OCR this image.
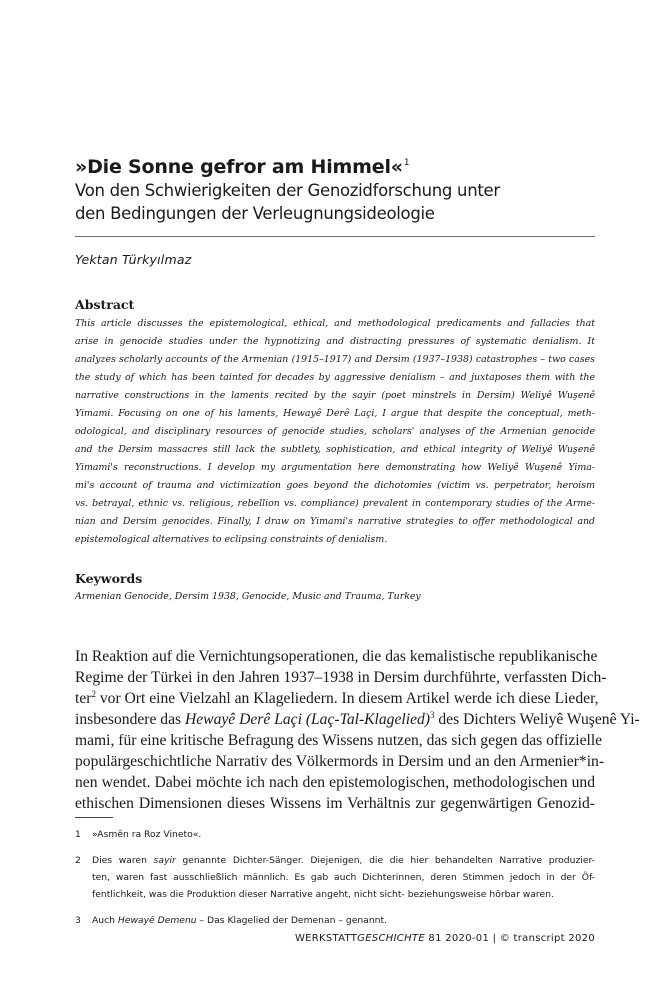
»Die Sonne gefror am Himmel«$^1$
Von den Schwierigkeiten der Genozidforschung unter
den Bedingungen der Verleugnungsideologie
Yektan Türkyılmaz
Abstract
This article discusses the epistemological, ethical, and methodological predicaments and fallacies that
arise in genocide studies under the hypnotizing and distracting pressures of systematic denialism. It
analyzes scholarly accounts of the Armenian (1915–1917) and Dersim (1937–1938) catastrophes – two cases
the study of which has been tainted for decades by aggressive denialism – and juxtaposes them with the
narrative constructions in the laments recited by the sayir (poet minstrels in Dersim) Weliyê Wuşenê
Yimami. Focusing on one of his laments, Hewayê Derê Laçi, I argue that despite the conceptual, meth-
odological, and disciplinary resources of genocide studies, scholars' analyses of the Armenian genocide
and the Dersim massacres still lack the subtlety, sophistication, and ethical integrity of Weliyê Wuşenê
Yimami's reconstructions. I develop my argumentation here demonstrating how Weliyê Wuşenê Yima-
mi's account of trauma and victimization goes beyond the dichotomies (victim vs. perpetrator, heroism
vs. betrayal, ethnic vs. religious, rebellion vs. compliance) prevalent in contemporary studies of the Arme-
nian and Dersim genocides. Finally, I draw on Yimami's narrative strategies to offer methodological and
epistemological alternatives to eclipsing constraints of denialism.
Keywords
Armenian Genocide, Dersim 1938, Genocide, Music and Trauma, Turkey
In Reaktion auf die Vernichtungsoperationen, die das kemalistische republikanische
Regime der Türkei in den Jahren 1937–1938 in Dersim durchführte, verfassten Dich-
ter$^2$ vor Ort eine Vielzahl an Klageliedern. In diesem Artikel werde ich diese Lieder,
insbesondere das Hewayê Derê Laçi (Laç-Tal-Klagelied)$^3$ des Dichters Weliyê Wuşenê Yi-
mami, für eine kritische Befragung des Wissens nutzen, das sich gegen das offizielle
populärgeschichtliche Narrativ des Völkermords in Dersim und an den Armenier*in-
nen wendet. Dabei möchte ich nach den epistemologischen, methodologischen und
ethischen Dimensionen dieses Wissens im Verhältnis zur gegenwärtigen Genozid-
1 »Asmên ra Roz Vineto«.
2 Dies waren sayir genannte Dichter-Sänger. Diejenigen, die die hier behandelten Narrative produzier-
ten, waren fast ausschließlich männlich. Es gab auch Dichterinnen, deren Stimmen jedoch in der Öf-
fentlichkeit, was die Produktion dieser Narrative angeht, nicht sicht- beziehungsweise hörbar waren.
3 Auch Hewayê Demenu – Das Klagelied der Demenan – genannt.
WERKSTATTGESCHICHTE 81 2020-01 | © transcript 2020
